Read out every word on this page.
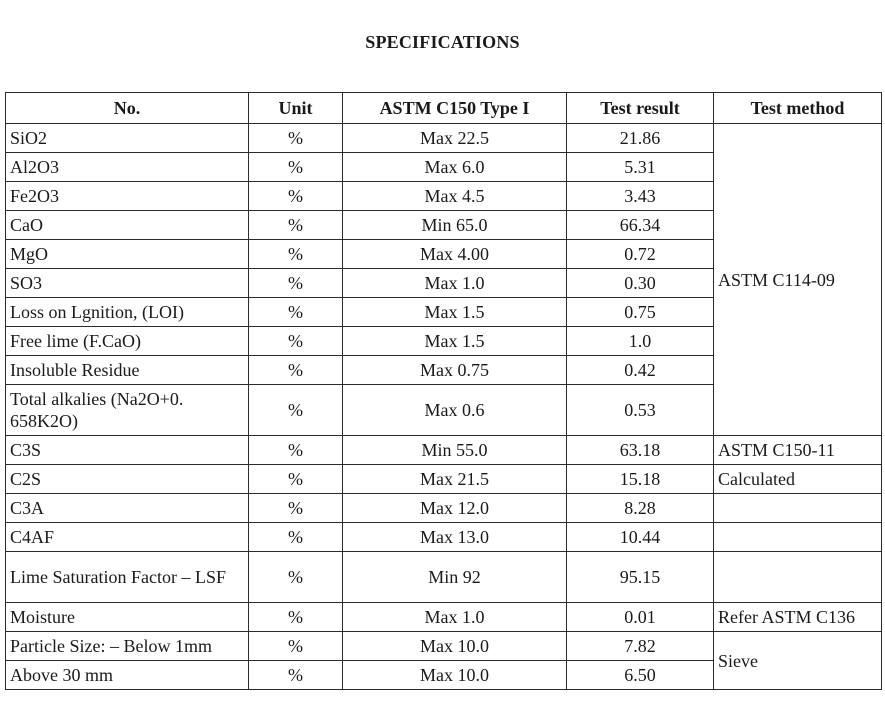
SPECIFICATIONS
No.	Unit	ASTM C150 Type I	Test result	Test method
SiO2	%	Max 22.5	21.86	ASTM C114-09
Al2O3	%	Max 6.0	5.31	
Fe2O3	%	Max 4.5	3.43	
CaO	%	Min 65.0	66.34	
MgO	%	Max 4.00	0.72	
SO3	%	Max 1.0	0.30	
Loss on Lgnition, (LOI)	%	Max 1.5	0.75	
Free lime (F.CaO)	%	Max 1.5	1.0	
Insoluble Residue	%	Max 0.75	0.42	
Total alkalies (Na2O+0. 658K2O)	%	Max 0.6	0.53	
C3S	%	Min 55.0	63.18	ASTM C150-11
C2S	%	Max 21.5	15.18	Calculated
C3A	%	Max 12.0	8.28	
C4AF	%	Max 13.0	10.44	
Lime Saturation Factor – LSF	%	Min 92	95.15	
Moisture	%	Max 1.0	0.01	Refer ASTM C136
Particle Size: – Below 1mm	%	Max 10.0	7.82	Sieve
Above 30 mm	%	Max 10.0	6.50	
